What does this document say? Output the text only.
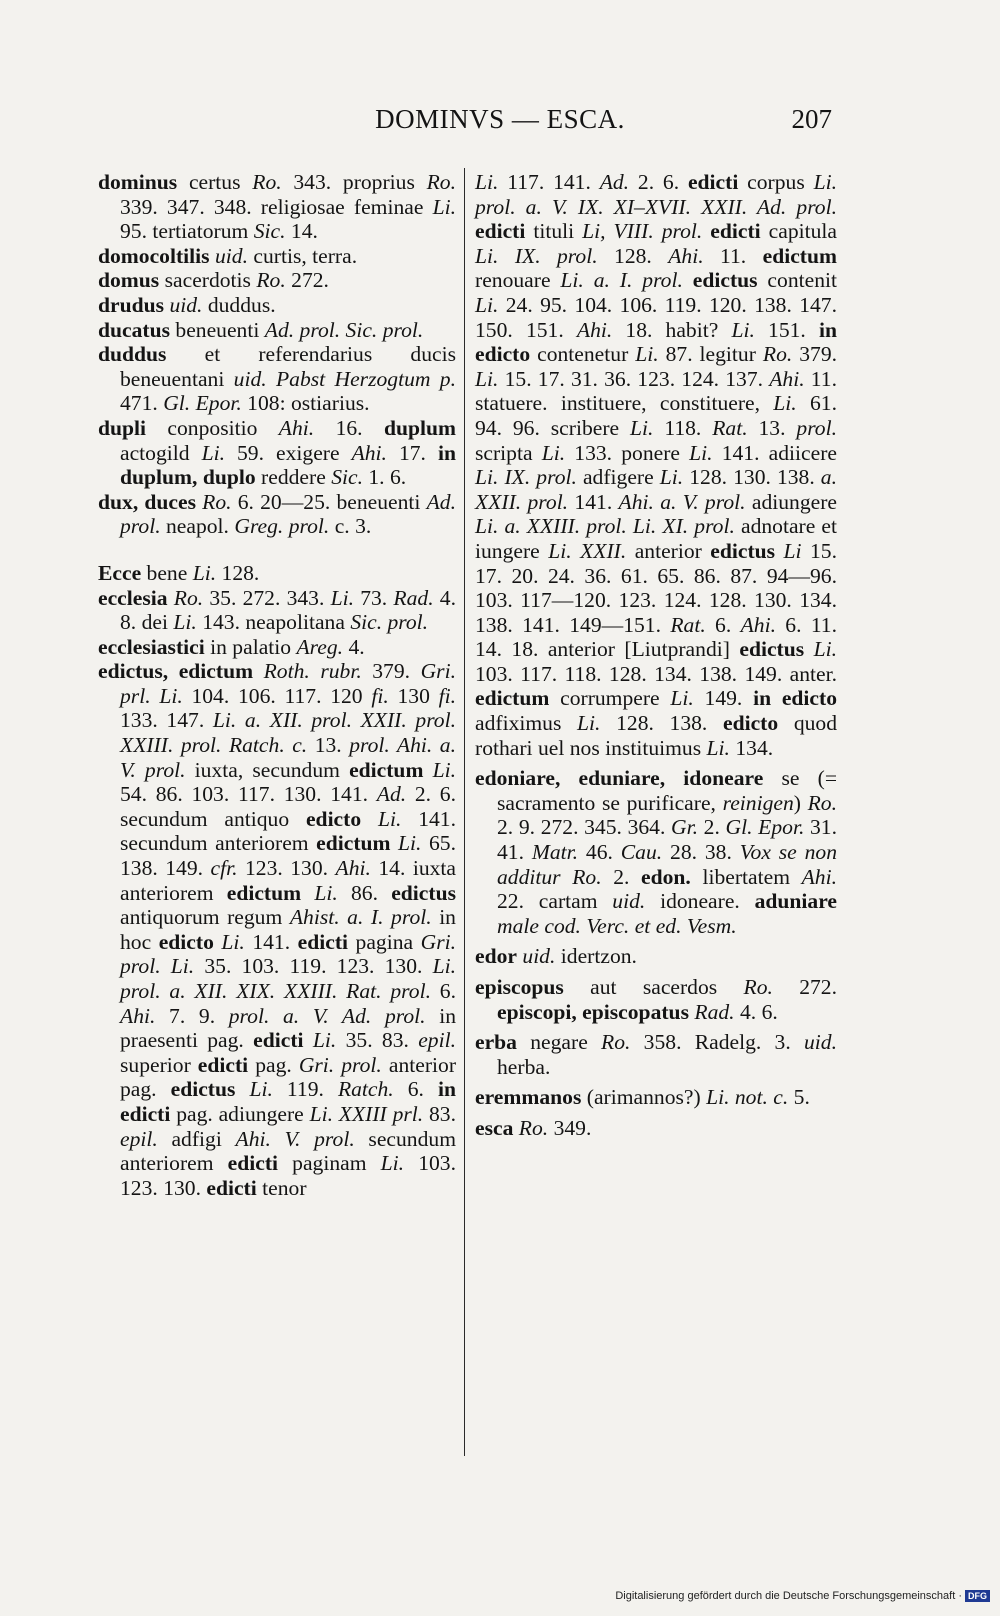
DOMINVS — ESCA.	207

dominus certus Ro. 343. proprius Ro. 339. 347. 348. religiosae feminae Li. 95. tertiatorum Sic. 14.

domocoltilis uid. curtis, terra.

domus sacerdotis Ro. 272.

drudus uid. duddus.

ducatus beneuenti Ad. prol. Sic. prol.

duddus et referendarius ducis beneuentani uid. Pabst Herzogtum p. 471. Gl. Epor. 108: ostiarius.

dupli conpositio Ahi. 16. duplum actogild Li. 59. exigere Ahi. 17. in duplum, duplo reddere Sic. 1. 6.

dux, duces Ro. 6. 20—25. beneuenti Ad. prol. neapol. Greg. prol. c. 3.

Ecce bene Li. 128.

ecclesia Ro. 35. 272. 343. Li. 73. Rad. 4. 8. dei Li. 143. neapolitana Sic. prol.

ecclesiastici in palatio Areg. 4.

edictus, edictum Roth. rubr. 379. Gri. prl. Li. 104. 106. 117. 120 fi. 130 fi. 133. 147. Li. a. XII. prol. XXII. prol. XXIII. prol. Ratch. c. 13. prol. Ahi. a. V. prol. iuxta, secundum edictum Li. 54. 86. 103. 117. 130. 141. Ad. 2. 6. secundum antiquo edicto Li. 141. secundum anteriorem edictum Li. 65. 138. 149. cfr. 123. 130. Ahi. 14. iuxta anteriorem edictum Li. 86. edictus antiquorum regum Ahist. a. I. prol. in hoc edicto Li. 141. edicti pagina Gri. prol. Li. 35. 103. 119. 123. 130. Li. prol. a. XII. XIX. XXIII. Rat. prol. 6. Ahi. 7. 9. prol. a. V. Ad. prol. in praesenti pag. edicti Li. 35. 83. epil. superior edicti pag. Gri. prol. anterior pag. edictus Li. 119. Ratch. 6. in edicti pag. adiungere Li. XXIII prl. 83. epil. adfigi Ahi. V. prol. secundum anteriorem edicti paginam Li. 103. 123. 130. edicti tenor

Li. 117. 141. Ad. 2. 6. edicti corpus Li. prol. a. V. IX. XI–XVII. XXII. Ad. prol. edicti tituli Li, VIII. prol. edicti capitula Li. IX. prol. 128. Ahi. 11. edictum renouare Li. a. I. prol. edictus contenit Li. 24. 95. 104. 106. 119. 120. 138. 147. 150. 151. Ahi. 18. habit? Li. 151. in edicto contenetur Li. 87. legitur Ro. 379. Li. 15. 17. 31. 36. 123. 124. 137. Ahi. 11. statuere. instituere, constituere, Li. 61. 94. 96. scribere Li. 118. Rat. 13. prol. scripta Li. 133. ponere Li. 141. adiicere Li. IX. prol. adfigere Li. 128. 130. 138. a. XXII. prol. 141. Ahi. a. V. prol. adiungere Li. a. XXIII. prol. Li. XI. prol. adnotare et iungere Li. XXII. anterior edictus Li 15. 17. 20. 24. 36. 61. 65. 86. 87. 94—96. 103. 117—120. 123. 124. 128. 130. 134. 138. 141. 149—151. Rat. 6. Ahi. 6. 11. 14. 18. anterior [Liutprandi] edictus Li. 103. 117. 118. 128. 134. 138. 149. anter. edictum corrumpere Li. 149. in edicto adfiximus Li. 128. 138. edicto quod rothari uel nos instituimus Li. 134.

edoniare, eduniare, idoneare se (= sacramento se purificare, reinigen) Ro. 2. 9. 272. 345. 364. Gr. 2. Gl. Epor. 31. 41. Matr. 46. Cau. 28. 38. Vox se non additur Ro. 2. edon. libertatem Ahi. 22. cartam uid. idoneare. aduniare male cod. Verc. et ed. Vesm.

edor uid. idertzon.

episcopus aut sacerdos Ro. 272. episcopi, episcopatus Rad. 4. 6.

erba negare Ro. 358. Radelg. 3. uid. herba.

eremmanos (arimannos?) Li. not. c. 5.

esca Ro. 349.

Digitalisierung gefördert durch die Deutsche Forschungsgemeinschaft · DFG
